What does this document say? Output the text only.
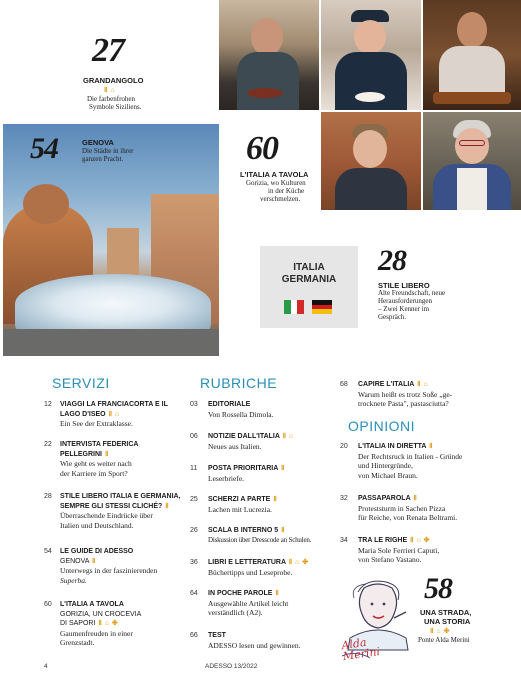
27
GRANDANGOLO
Ⅱ ⌂
Die farbenfrohen
Symbole Siziliens.
54	GENOVA
Die Städte in ihrer
ganzen Pracht.	60
L'ITALIA A TAVOLA
Gorizia, wo Kulturen
in der Küche
verschmelzen.
ITALIA
GERMANIA
28
STILE LIBERO
Alte Freundschaft, neue
Herausforderungen
– Zwei Kenner im
Gespräch.
SERVIZI
12	VIAGGI LA FRANCIACORTA E IL
LAGO D'ISEO Ⅱ ⌂
Ein See der Extraklasse.
22	INTERVISTA FEDERICA
PELLEGRINI Ⅱ
Wie geht es weiter nach
der Karriere im Sport?
28	STILE LIBERO ITALIA E GERMANIA,
SEMPRE GLI STESSI CLICHÉ? Ⅱ
Überraschende Eindrücke über
Italien und Deutschland.
54	LE GUIDE DI ADESSO
GENOVA Ⅱ
Unterwegs in der faszinierenden
Superba.
60	L'ITALIA A TAVOLA
GORIZIA, UN CROCEVIA
DI SAPORI Ⅱ ⌂ ✤
Gaumenfreuden in einer
Grenzstadt.
RUBRICHE
03	EDITORIALE
Von Rossella Dimola.
06	NOTIZIE DALL'ITALIA Ⅱ ⌂
Neues aus Italien.
11	POSTA PRIORITARIA Ⅱ
Leserbriefe.
25	SCHERZI A PARTE Ⅱ
Lachen mit Lucrezia.
26	SCALA B INTERNO 5 Ⅱ
Diskussion über Dresscode an Schulen.
36	LIBRI E LETTERATURA Ⅱ ⌂ ✤
Büchertipps und Leseprobe.
64	IN POCHE PAROLE Ⅱ
Ausgewählte Artikel leicht
verständlich (A2).
66	TEST
ADESSO lesen und gewinnen.
68	CAPIRE L'ITALIA Ⅱ ⌂
Warum heißt es trotz Soße „ge-
trocknete Pasta", pastasciutta?
OPINIONI
20	L'ITALIA IN DIRETTA Ⅱ
Der Rechtsruck in Italien - Gründe
und Hintergründe,
von Michael Braun.
32	PASSAPAROLA Ⅱ
Proteststurm in Sachen Pizza
für Reiche, von Renata Beltrami.
34	TRA LE RIGHE Ⅱ ⌂ ✤
Maria Sole Ferrieri Caputi,
von Stefano Vastano.
Alda Merini
58
UNA STRADA,
UNA STORIA
Ⅱ ⌂ ✤
Ponte Alda Merini
4	ADESSO 13/2022
